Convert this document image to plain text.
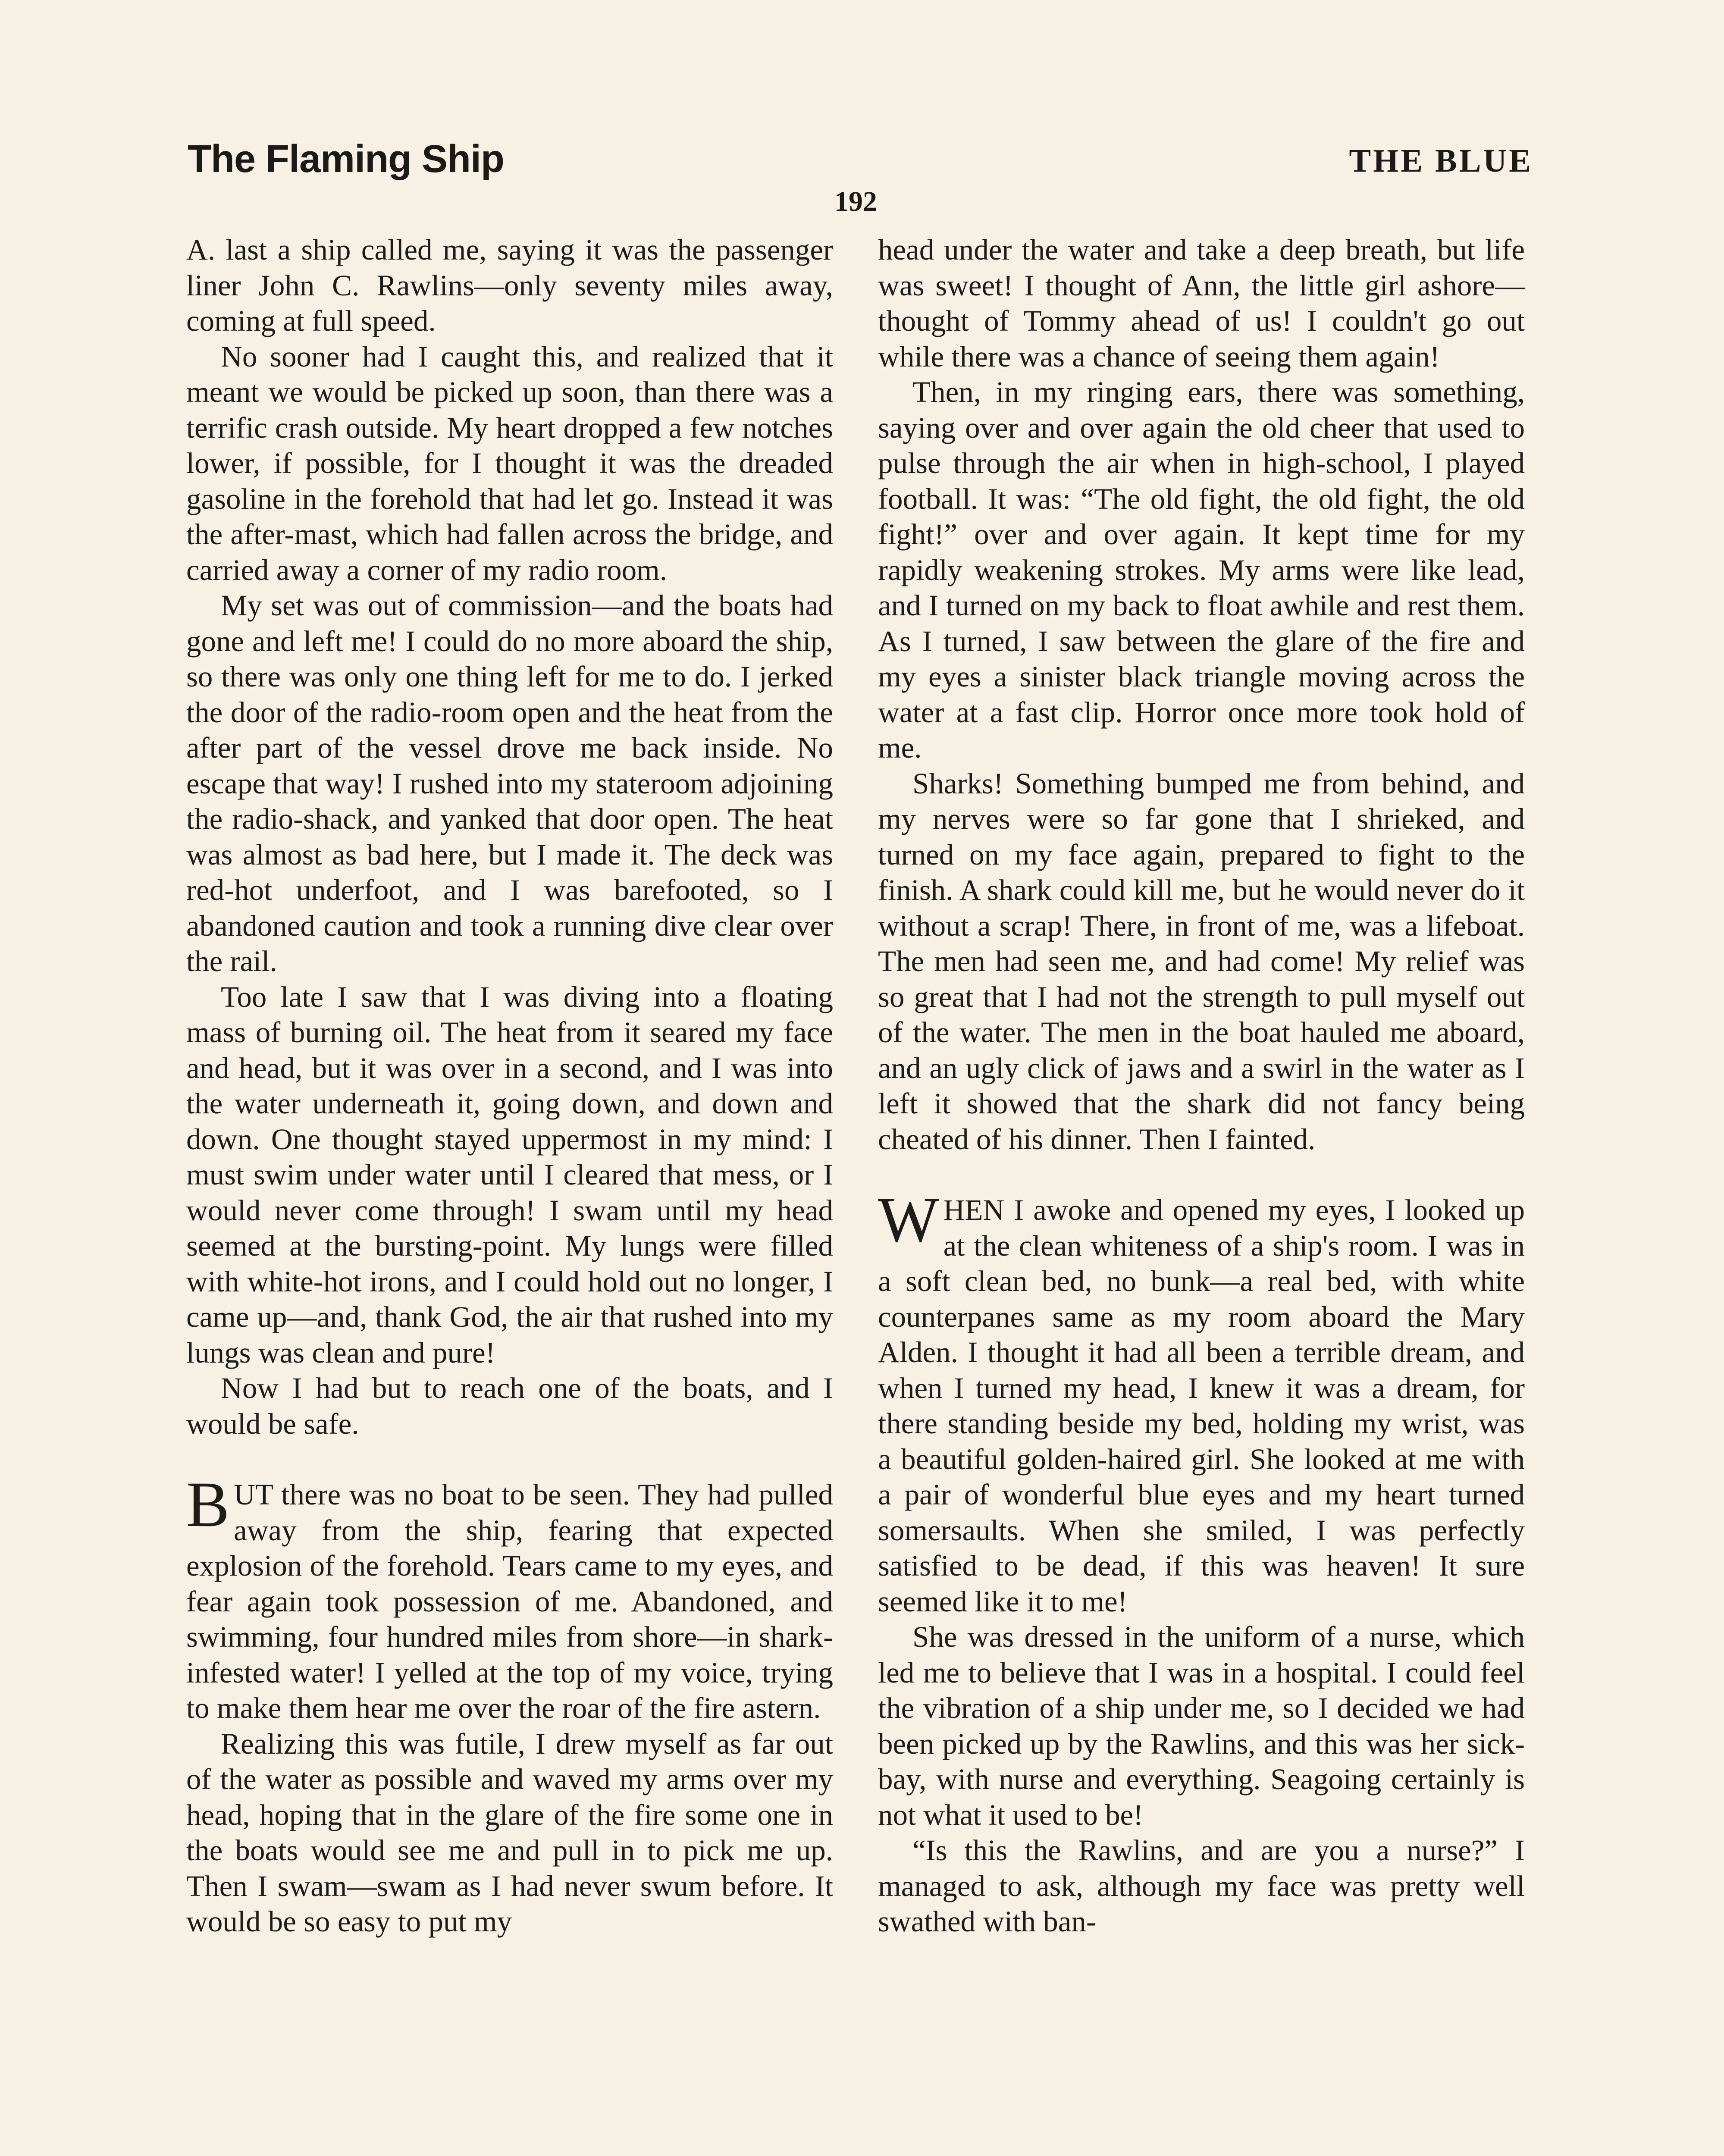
The Flaming Ship	THE BLUE
192

A. last a ship called me, saying it was the passenger liner John C. Rawlins—only seventy miles away, coming at full speed.

No sooner had I caught this, and realized that it meant we would be picked up soon, than there was a terrific crash outside. My heart dropped a few notches lower, if possible, for I thought it was the dreaded gasoline in the forehold that had let go. Instead it was the after-mast, which had fallen across the bridge, and carried away a corner of my radio room.

My set was out of commission—and the boats had gone and left me! I could do no more aboard the ship, so there was only one thing left for me to do. I jerked the door of the radio-room open and the heat from the after part of the vessel drove me back inside. No escape that way! I rushed into my stateroom adjoining the radio-shack, and yanked that door open. The heat was almost as bad here, but I made it. The deck was red-hot underfoot, and I was barefooted, so I abandoned caution and took a running dive clear over the rail.

Too late I saw that I was diving into a floating mass of burning oil. The heat from it seared my face and head, but it was over in a second, and I was into the water underneath it, going down, and down and down. One thought stayed uppermost in my mind: I must swim under water until I cleared that mess, or I would never come through! I swam until my head seemed at the bursting-point. My lungs were filled with white-hot irons, and I could hold out no longer, I came up—and, thank God, the air that rushed into my lungs was clean and pure!

Now I had but to reach one of the boats, and I would be safe.

BUT there was no boat to be seen. They had pulled away from the ship, fearing that expected explosion of the forehold. Tears came to my eyes, and fear again took possession of me. Abandoned, and swimming, four hundred miles from shore—in shark-infested water! I yelled at the top of my voice, trying to make them hear me over the roar of the fire astern.

Realizing this was futile, I drew myself as far out of the water as possible and waved my arms over my head, hoping that in the glare of the fire some one in the boats would see me and pull in to pick me up. Then I swam—swam as I had never swum before. It would be so easy to put my

head under the water and take a deep breath, but life was sweet! I thought of Ann, the little girl ashore—thought of Tommy ahead of us! I couldn't go out while there was a chance of seeing them again!

Then, in my ringing ears, there was something, saying over and over again the old cheer that used to pulse through the air when in high-school, I played football. It was: “The old fight, the old fight, the old fight!” over and over again. It kept time for my rapidly weakening strokes. My arms were like lead, and I turned on my back to float awhile and rest them. As I turned, I saw between the glare of the fire and my eyes a sinister black triangle moving across the water at a fast clip. Horror once more took hold of me.

Sharks! Something bumped me from behind, and my nerves were so far gone that I shrieked, and turned on my face again, prepared to fight to the finish. A shark could kill me, but he would never do it without a scrap! There, in front of me, was a lifeboat. The men had seen me, and had come! My relief was so great that I had not the strength to pull myself out of the water. The men in the boat hauled me aboard, and an ugly click of jaws and a swirl in the water as I left it showed that the shark did not fancy being cheated of his dinner. Then I fainted.

WHEN I awoke and opened my eyes, I looked up at the clean whiteness of a ship's room. I was in a soft clean bed, no bunk—a real bed, with white counterpanes same as my room aboard the Mary Alden. I thought it had all been a terrible dream, and when I turned my head, I knew it was a dream, for there standing beside my bed, holding my wrist, was a beautiful golden-haired girl. She looked at me with a pair of wonderful blue eyes and my heart turned somersaults. When she smiled, I was perfectly satisfied to be dead, if this was heaven! It sure seemed like it to me!

She was dressed in the uniform of a nurse, which led me to believe that I was in a hospital. I could feel the vibration of a ship under me, so I decided we had been picked up by the Rawlins, and this was her sick-bay, with nurse and everything. Seagoing certainly is not what it used to be!

“Is this the Rawlins, and are you a nurse?” I managed to ask, although my face was pretty well swathed with ban-
